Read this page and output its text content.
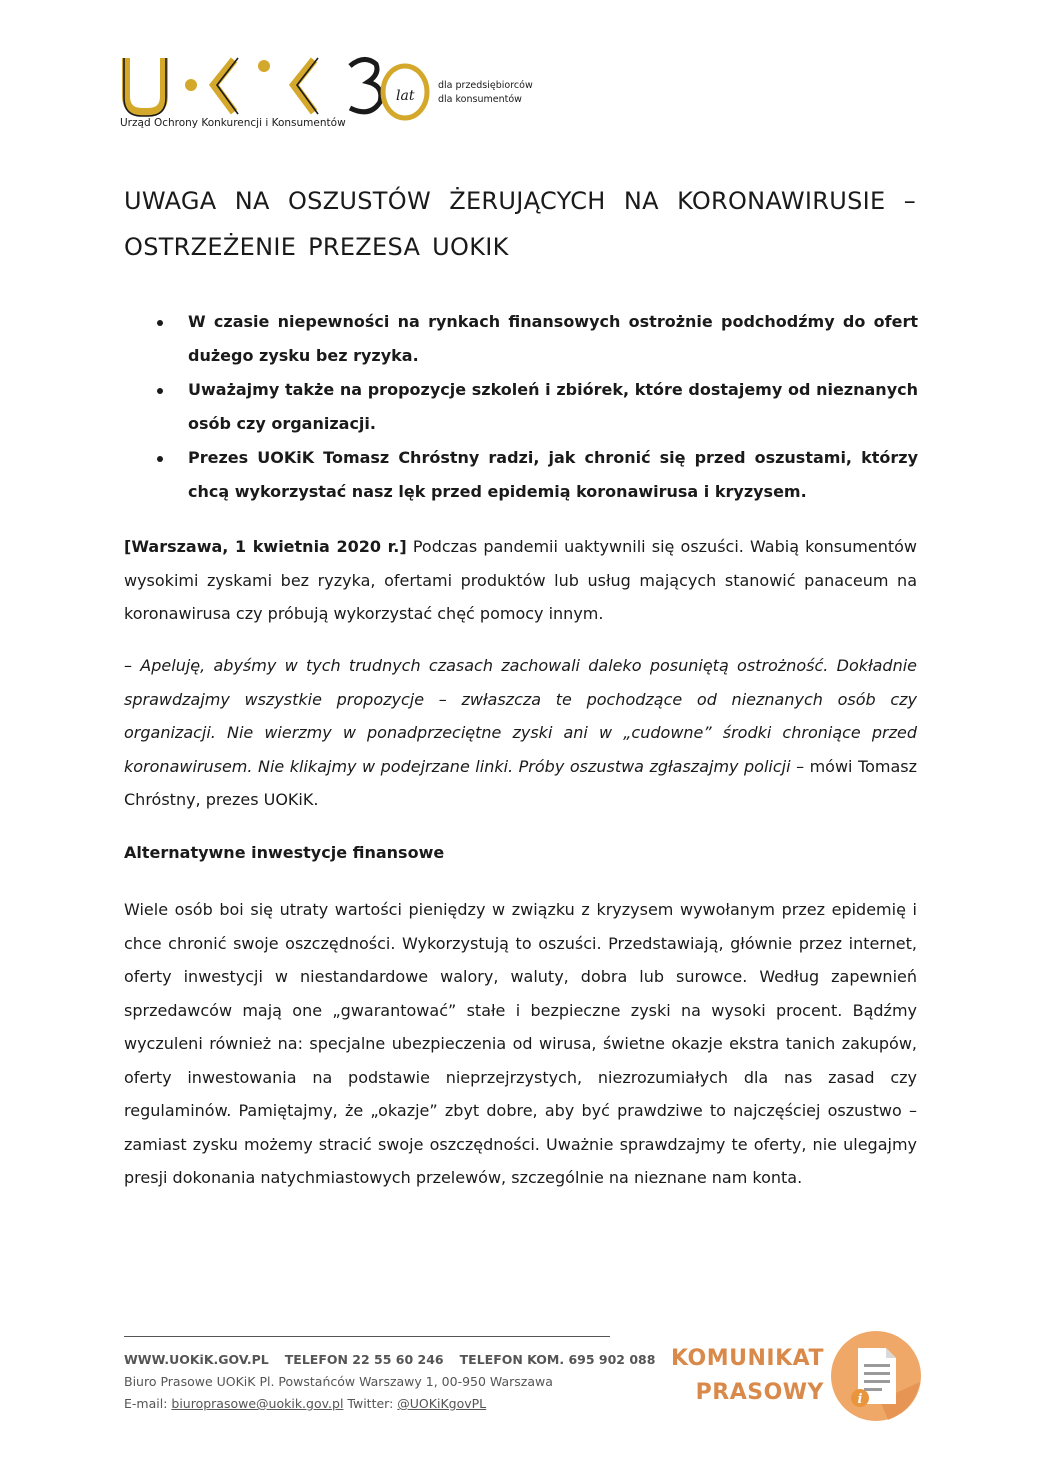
lat
Urząd Ochrony Konkurencji i Konsumentów
dla przedsiębiorców
dla konsumentów
UWAGA NA OSZUSTÓW ŻERUJĄCYCH NA KORONAWIRUSIE – OSTRZEŻENIE PREZESA UOKIK
W czasie niepewności na rynkach finansowych ostrożnie podchodźmy do ofert dużego zysku bez ryzyka.
Uważajmy także na propozycje szkoleń i zbiórek, które dostajemy od nieznanych osób czy organizacji.
Prezes UOKiK Tomasz Chróstny radzi, jak chronić się przed oszustami, którzy chcą wykorzystać nasz lęk przed epidemią koronawirusa i kryzysem.

[Warszawa, 1 kwietnia 2020 r.] Podczas pandemii uaktywnili się oszuści. Wabią konsumentów wysokimi zyskami bez ryzyka, ofertami produktów lub usług mających stanowić panaceum na koronawirusa czy próbują wykorzystać chęć pomocy innym.

– Apeluję, abyśmy w tych trudnych czasach zachowali daleko posuniętą ostrożność. Dokładnie sprawdzajmy wszystkie propozycje – zwłaszcza te pochodzące od nieznanych osób czy organizacji. Nie wierzmy w ponadprzeciętne zyski ani w „cudowne” środki chroniące przed koronawirusem. Nie klikajmy w podejrzane linki. Próby oszustwa zgłaszajmy policji – mówi Tomasz Chróstny, prezes UOKiK.

Alternatywne inwestycje finansowe

Wiele osób boi się utraty wartości pieniędzy w związku z kryzysem wywołanym przez epidemię i chce chronić swoje oszczędności. Wykorzystują to oszuści. Przedstawiają, głównie przez internet, oferty inwestycji w niestandardowe walory, waluty, dobra lub surowce. Według zapewnień sprzedawców mają one „gwarantować” stałe i bezpieczne zyski na wysoki procent. Bądźmy wyczuleni również na: specjalne ubezpieczenia od wirusa, świetne okazje ekstra tanich zakupów, oferty inwestowania na podstawie nieprzejrzystych, niezrozumiałych dla nas zasad czy regulaminów. Pamiętajmy, że „okazje” zbyt dobre, aby być prawdziwe to najczęściej oszustwo – zamiast zysku możemy stracić swoje oszczędności. Uważnie sprawdzajmy te oferty, nie ulegajmy presji dokonania natychmiastowych przelewów, szczególnie na nieznane nam konta.

WWW.UOKiK.GOV.PL TELEFON 22 55 60 246 TELEFON KOM. 695 902 088
Biuro Prasowe UOKiK Pl. Powstańców Warszawy 1, 00-950 Warszawa
E-mail: biuroprasowe@uokik.gov.pl Twitter: @UOKiKgovPL
KOMUNIKAT
PRASOWY	i
